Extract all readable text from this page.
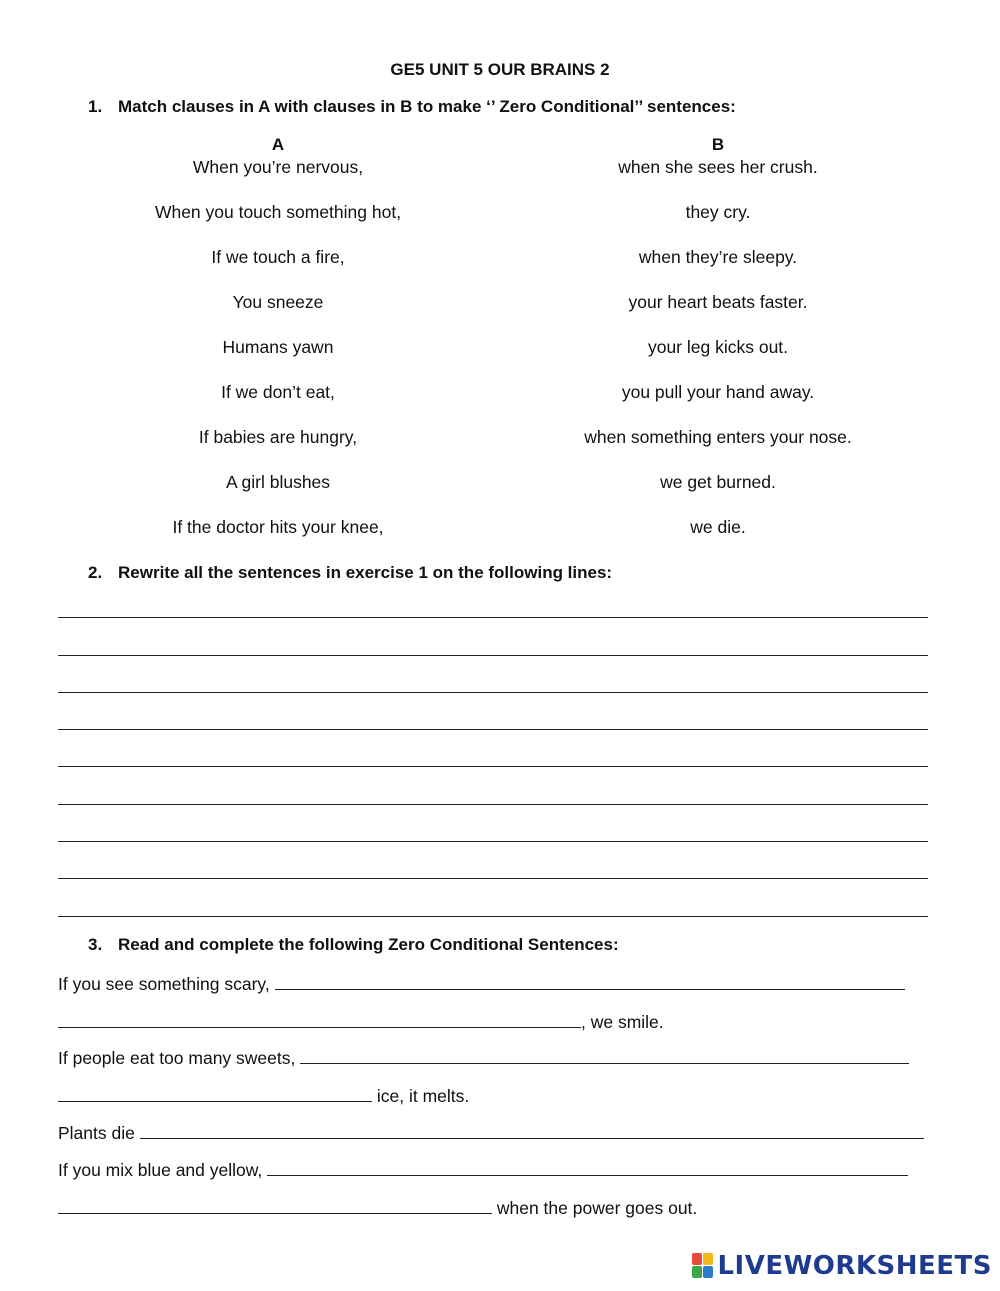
GE5 UNIT 5 OUR BRAINS 2
1. Match clauses in A with clauses in B to make ‘’ Zero Conditional’’ sentences:
A	B
When you’re nervous,
When you touch something hot,
If we touch a fire,
You sneeze
Humans yawn
If we don’t eat,
If babies are hungry,
A girl blushes
If the doctor hits your knee,
when she sees her crush.
they cry.
when they’re sleepy.
your heart beats faster.
your leg kicks out.
you pull your hand away.
when something enters your nose.
we get burned.
we die.
2. Rewrite all the sentences in exercise 1 on the following lines:
3. Read and complete the following Zero Conditional Sentences:
If you see something scary,
, we smile.
If people eat too many sweets,
ice, it melts.
Plants die
If you mix blue and yellow,
when the power goes out.
LIVEWORKSHEETS
